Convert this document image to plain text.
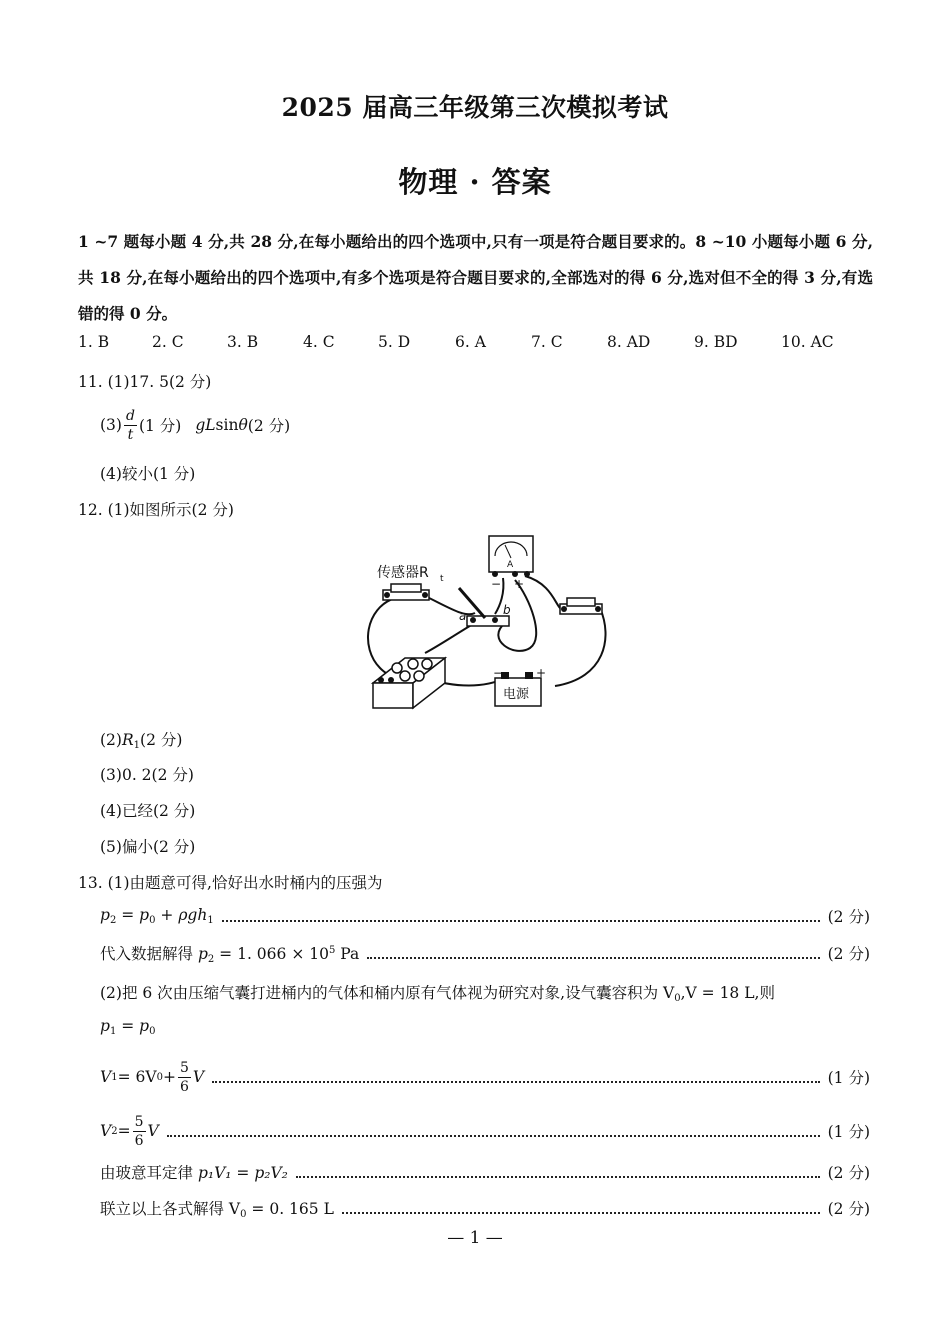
2025 届高三年级第三次模拟考试
物理 · 答案
1 ~7 题每小题 4 分,共 28 分,在每小题给出的四个选项中,只有一项是符合题目要求的。8 ~10 小题每小题 6 分,共 18 分,在每小题给出的四个选项中,有多个选项是符合题目要求的,全部选对的得 6 分,选对但不全的得 3 分,有选错的得 0 分。
1. B	2. C	3. B	4. C	5. D	6. A	7. C	8. AD	9. BD	10. AC
11. (1)17. 5(2 分)
$(3) \frac{d}{t} (1$ 分) gL sin θ (2 分)
(4)较小(1 分)
12. (1)如图所示(2 分)
传感器R t
A
− +
a	b
−	+
电源
$(2)R_1(2$ 分)
(3)0. 2(2 分)
(4)已经(2 分)
(5)偏小(2 分)
13. (1)由题意可得,恰好出水时桶内的压强为
$p_2 = p_0 + \rho gh_1$	(2 分)
代入数据解得 $p_2 = 1$. $066 \times 10^5$ Pa	(2 分)
(2)把 6 次由压缩气囊打进桶内的气体和桶内原有气体视为研究对象,设气囊容积为 $V_0,V = 18$ L,则
$p_1 = p_0$
V 1 = 6V $0 + \frac{5}{6}$ V	(1 分)
V $2 = \frac{5}{6}$ V	(1 分)
由玻意耳定律 p₁V₁ = p₂V₂	(2 分)
联立以上各式解得 $V_0 = 0$. 165 L	(2 分)
— 1 —
